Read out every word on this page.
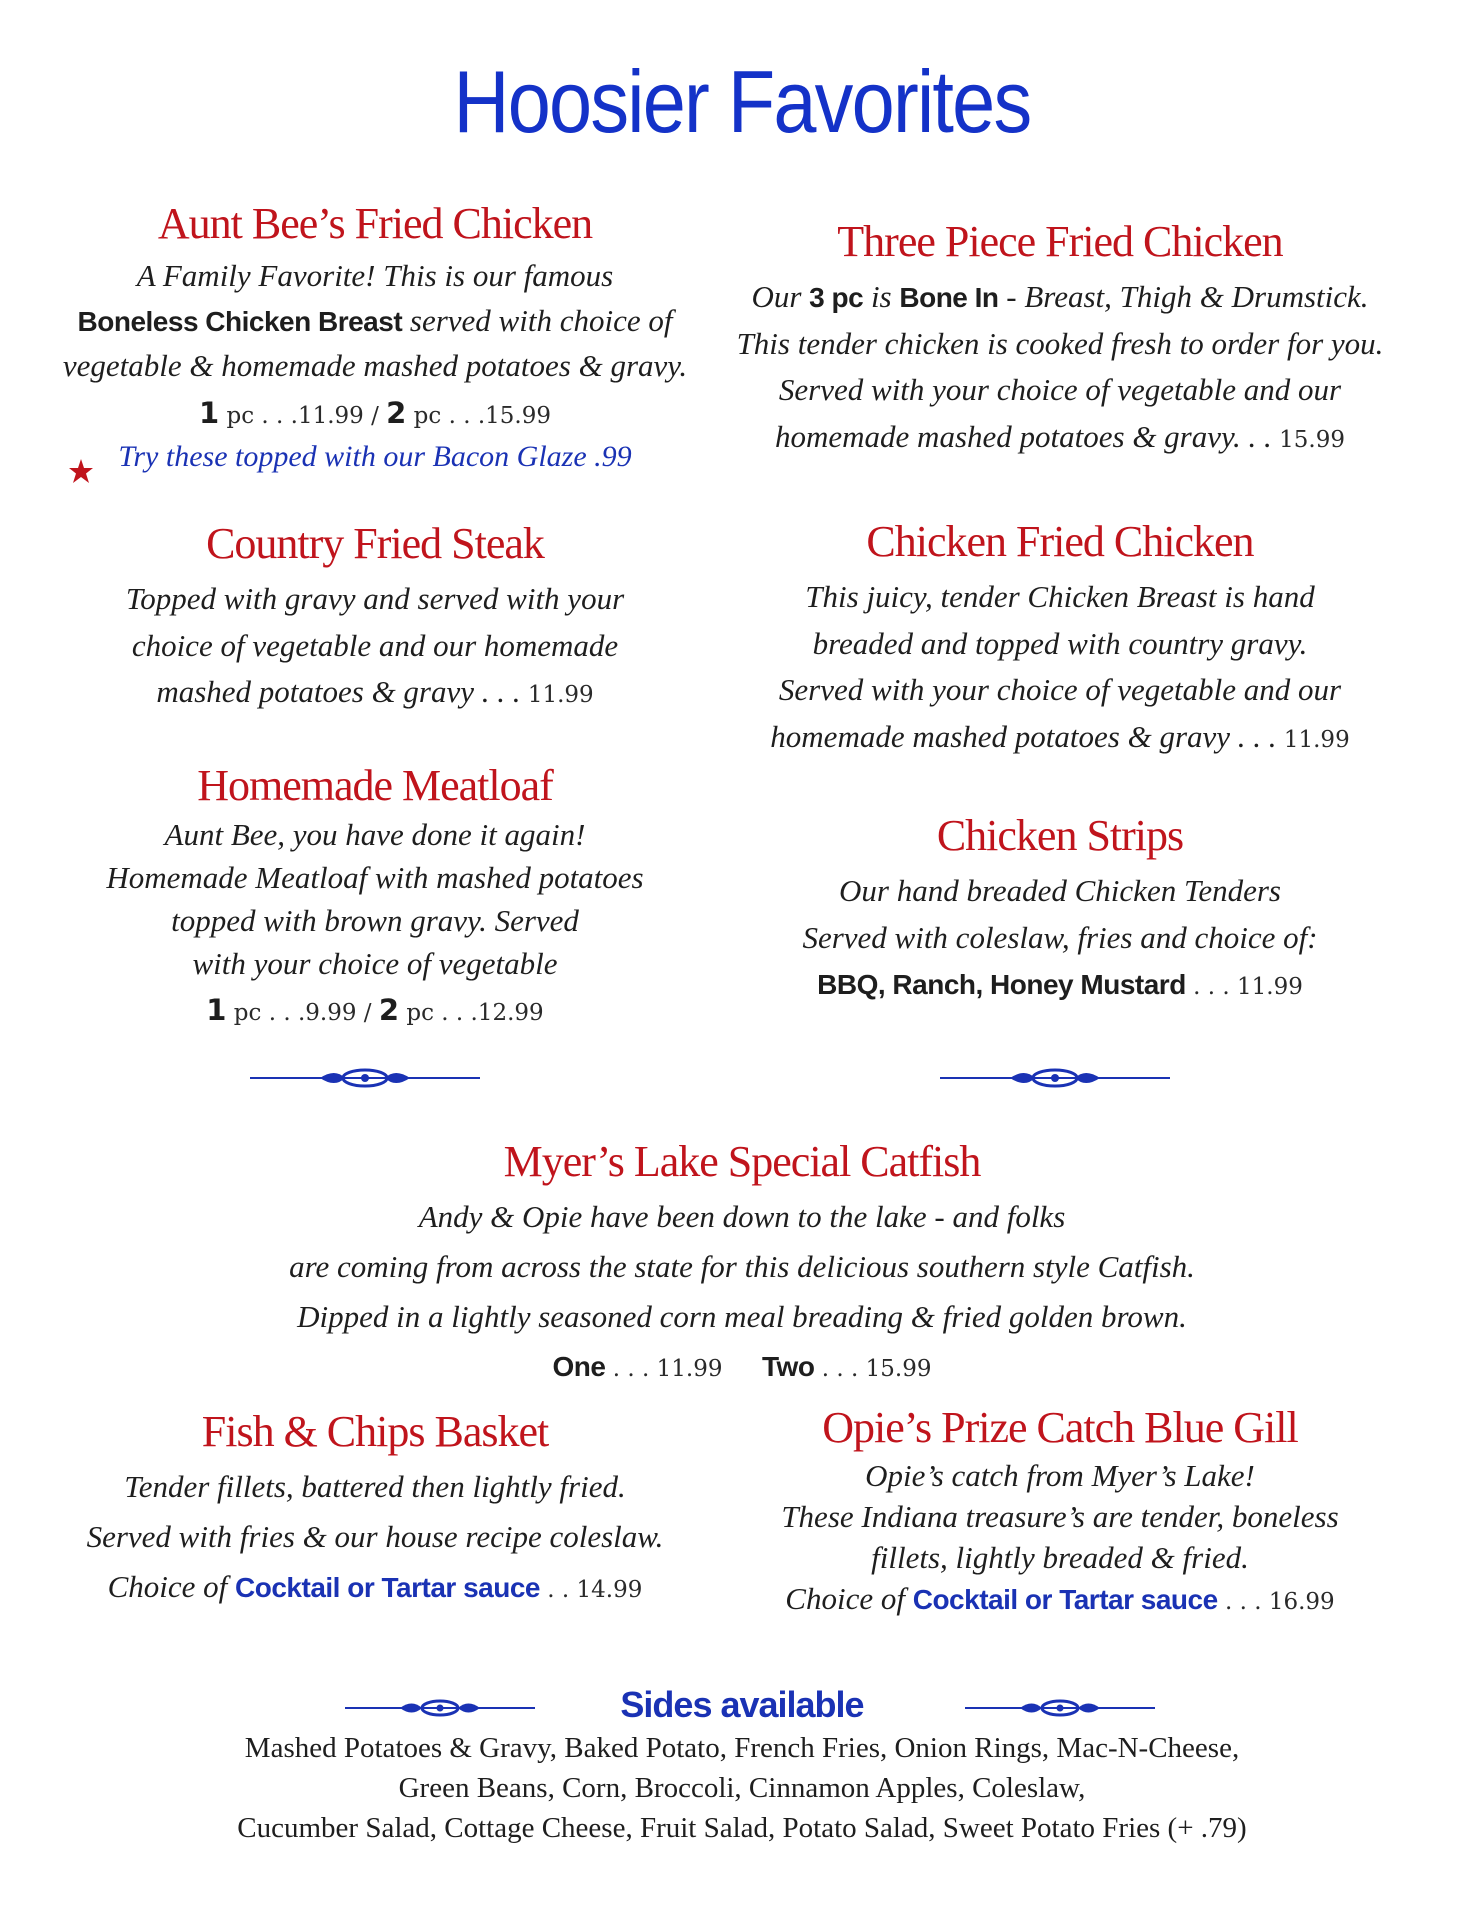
Hoosier Favorites
Aunt Bee’s Fried Chicken
A Family Favorite! This is our famous
Boneless Chicken Breast served with choice of
vegetable & homemade mashed potatoes & gravy.
1 pc . . .11.99 / 2 pc . . .15.99
Try these topped with our Bacon Glaze .99
Three Piece Fried Chicken
Our 3 pc is Bone In - Breast, Thigh & Drumstick.
This tender chicken is cooked fresh to order for you.
Served with your choice of vegetable and our
homemade mashed potatoes & gravy. . . 15.99
Country Fried Steak
Topped with gravy and served with your
choice of vegetable and our homemade
mashed potatoes & gravy . . . 11.99
Chicken Fried Chicken
This juicy, tender Chicken Breast is hand
breaded and topped with country gravy.
Served with your choice of vegetable and our
homemade mashed potatoes & gravy . . . 11.99
Homemade Meatloaf
Aunt Bee, you have done it again!
Homemade Meatloaf with mashed potatoes
topped with brown gravy. Served
with your choice of vegetable
1 pc . . .9.99 / 2 pc . . .12.99
Chicken Strips
Our hand breaded Chicken Tenders
Served with coleslaw, fries and choice of:
BBQ, Ranch, Honey Mustard . . . 11.99
Myer’s Lake Special Catfish
Andy & Opie have been down to the lake - and folks
are coming from across the state for this delicious southern style Catfish.
Dipped in a lightly seasoned corn meal breading & fried golden brown.
One . . . 11.99 Two . . . 15.99
Fish & Chips Basket
Tender fillets, battered then lightly fried.
Served with fries & our house recipe coleslaw.
Choice of Cocktail or Tartar sauce . . 14.99
Opie’s Prize Catch Blue Gill
Opie’s catch from Myer’s Lake!
These Indiana treasure’s are tender, boneless
fillets, lightly breaded & fried.
Choice of Cocktail or Tartar sauce . . . 16.99
Sides available
Mashed Potatoes & Gravy, Baked Potato, French Fries, Onion Rings, Mac-N-Cheese,
Green Beans, Corn, Broccoli, Cinnamon Apples, Coleslaw,
Cucumber Salad, Cottage Cheese, Fruit Salad, Potato Salad, Sweet Potato Fries (+ .79)
